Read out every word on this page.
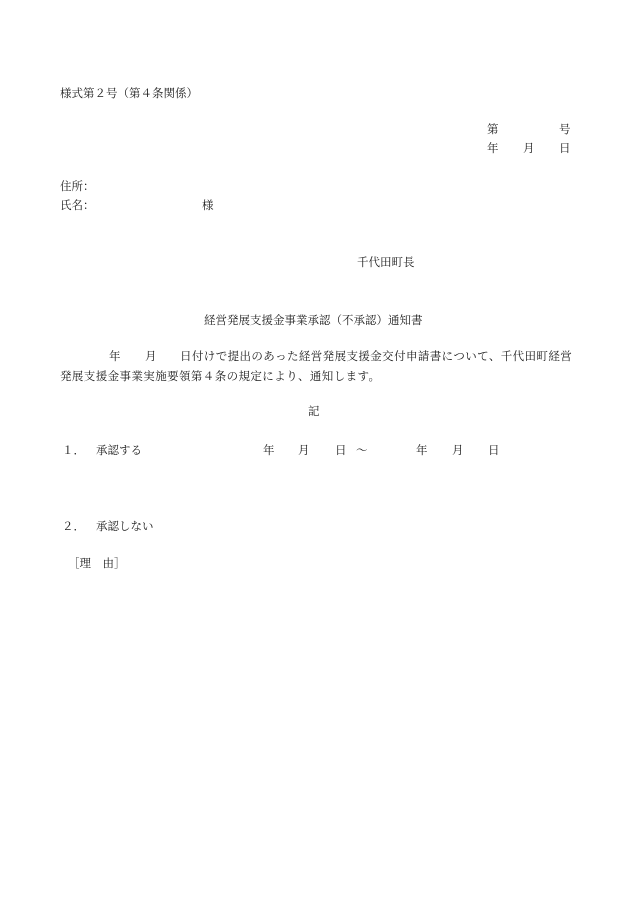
様式第２号（第４条関係）
第	号
年 月 日
住所：
氏名：	様
千代田町長
経営発展支援金事業承認（不承認）通知書
年 月 日付けで提出のあった経営発展支援金交付申請書について、千代田町経営
発展支援金事業実施要領第４条の規定により、通知します。
記
１． 承認する	年 月 日 ～	年 月 日
２． 承認しない
［理　由］
